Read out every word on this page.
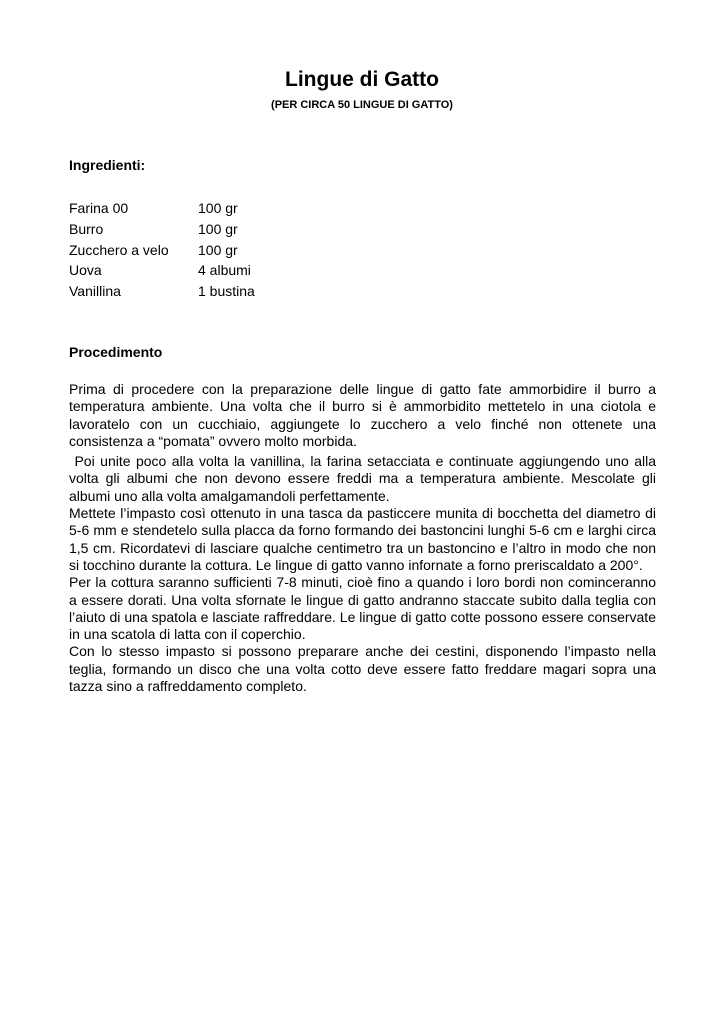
Lingue di Gatto
(PER CIRCA 50 LINGUE DI GATTO)
Ingredienti:
Farina 00	100 gr
Burro	100 gr
Zucchero a velo	100 gr
Uova	4 albumi
Vanillina	1 bustina
Procedimento

Prima di procedere con la preparazione delle lingue di gatto fate ammorbidire il burro a temperatura ambiente. Una volta che il burro si è ammorbidito mettetelo in una ciotola e lavoratelo con un cucchiaio, aggiungete lo zucchero a velo finché non ottenete una consistenza a “pomata” ovvero molto morbida.

Poi unite poco alla volta la vanillina, la farina setacciata e continuate aggiungendo uno alla volta gli albumi che non devono essere freddi ma a temperatura ambiente. Mescolate gli albumi uno alla volta amalgamandoli perfettamente.

Mettete l’impasto così ottenuto in una tasca da pasticcere munita di bocchetta del diametro di 5-6 mm e stendetelo sulla placca da forno formando dei bastoncini lunghi 5-6 cm e larghi circa 1,5 cm. Ricordatevi di lasciare qualche centimetro tra un bastoncino e l’altro in modo che non si tocchino durante la cottura. Le lingue di gatto vanno infornate a forno preriscaldato a 200°.

Per la cottura saranno sufficienti 7-8 minuti, cioè fino a quando i loro bordi non cominceranno a essere dorati. Una volta sfornate le lingue di gatto andranno staccate subito dalla teglia con l’aiuto di una spatola e lasciate raffreddare. Le lingue di gatto cotte possono essere conservate in una scatola di latta con il coperchio.

Con lo stesso impasto si possono preparare anche dei cestini, disponendo l’impasto nella teglia, formando un disco che una volta cotto deve essere fatto freddare magari sopra una tazza sino a raffreddamento completo.
